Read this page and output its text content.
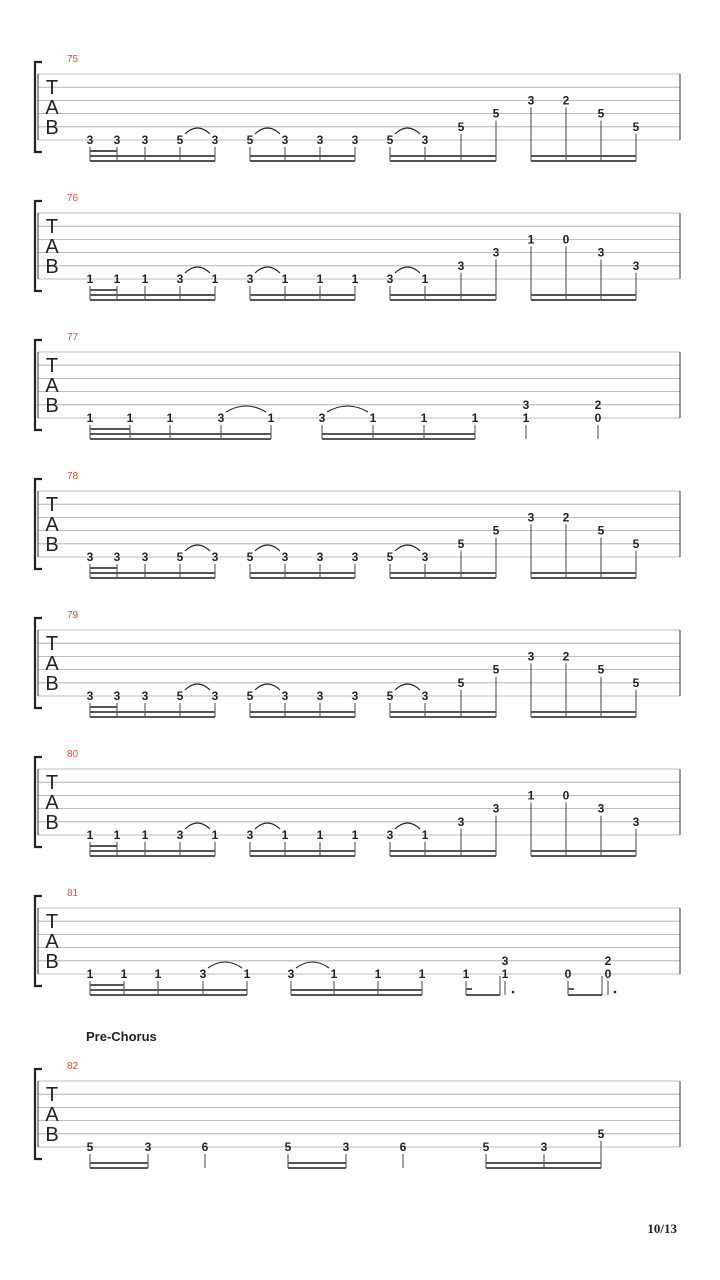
Pre-Chorus
75
T
A
B
3 3 3 5 3 5 3 3 3 5 3
5
5
3 2
5
5
76
T
A
B
1 1 1 3 1 3 1 1 1 3 1
3
3
1 0
3
3
77
T
A
B
1	1	1	3	1	3	1	1	1
3
1
2
0
78
T
A
B
3 3 3 5 3 5 3 3 3 5 3
5
5
3 2
5
5
79
T
A
B
3 3 3 5 3 5 3 3 3 5 3
5
5
3 2
5
5
80
T
A
B
1 1 1 3 1 3 1 1 1 3 1
3
3
1 0
3
3
81
T
A
B
1 1 1	3	1	3	1	1	1	1
3
1	0
2
0
82
T
A
B
5	3	6	5	3	6	5	3
5
10/13
